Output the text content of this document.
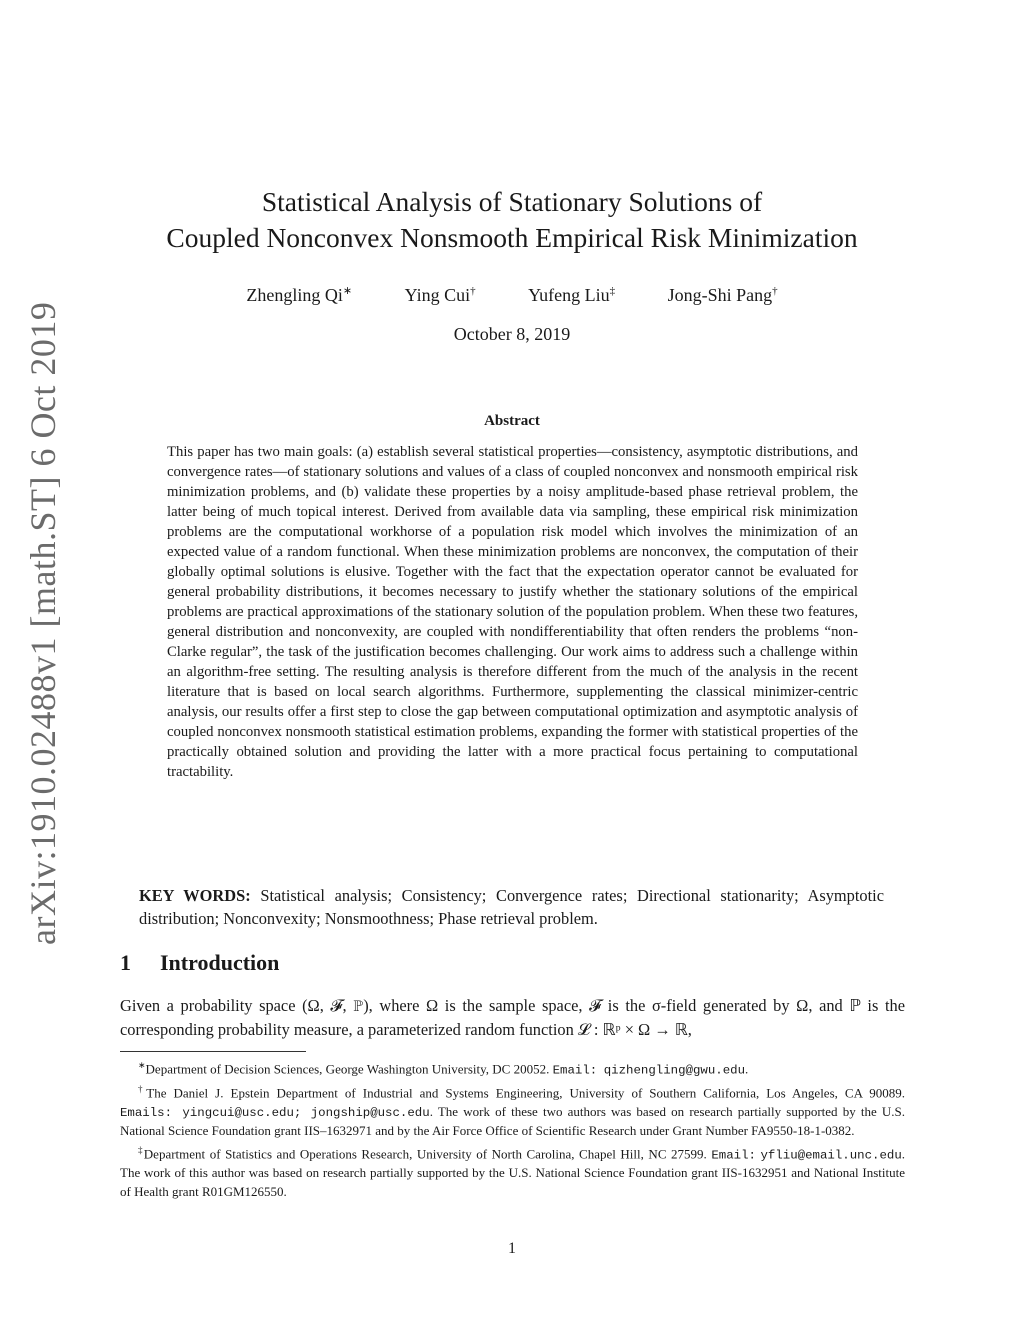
arXiv:1910.02488v1 [math.ST] 6 Oct 2019
Statistical Analysis of Stationary Solutions of
Coupled Nonconvex Nonsmooth Empirical Risk Minimization
Zhengling Qi∗	Ying Cui†	Yufeng Liu‡	Jong-Shi Pang†
October 8, 2019
Abstract

This paper has two main goals: (a) establish several statistical properties—consistency, asymptotic distributions, and convergence rates—of stationary solutions and values of a class of coupled nonconvex and nonsmooth empirical risk minimization problems, and (b) validate these properties by a noisy amplitude-based phase retrieval problem, the latter being of much topical interest. Derived from available data via sampling, these empirical risk minimization problems are the computational workhorse of a population risk model which involves the minimization of an expected value of a random functional. When these minimization problems are nonconvex, the computation of their globally optimal solutions is elusive. Together with the fact that the expectation operator cannot be evaluated for general probability distributions, it becomes necessary to justify whether the stationary solutions of the empirical problems are practical approximations of the stationary solution of the population problem. When these two features, general distribution and nonconvexity, are coupled with nondifferentiability that often renders the problems “non-Clarke regular”, the task of the justification becomes challenging. Our work aims to address such a challenge within an algorithm-free setting. The resulting analysis is therefore different from the much of the analysis in the recent literature that is based on local search algorithms. Furthermore, supplementing the classical minimizer-centric analysis, our results offer a first step to close the gap between computational optimization and asymptotic analysis of coupled nonconvex nonsmooth statistical estimation problems, expanding the former with statistical properties of the practically obtained solution and providing the latter with a more practical focus pertaining to computational tractability.

KEY WORDS: Statistical analysis; Consistency; Convergence rates; Directional stationarity; Asymptotic distribution; Nonconvexity; Nonsmoothness; Phase retrieval problem.

1 Introduction

Given a probability space (Ω, 𝓕, ℙ), where Ω is the sample space, 𝓕 is the σ-field generated by Ω, and ℙ is the corresponding probability measure, a parameterized random function 𝓛 : ℝᵖ × Ω → ℝ,

∗Department of Decision Sciences, George Washington University, DC 20052. Email: qizhengling@gwu.edu.

†The Daniel J. Epstein Department of Industrial and Systems Engineering, University of Southern California, Los Angeles, CA 90089. Emails: yingcui@usc.edu; jongship@usc.edu. The work of these two authors was based on research partially supported by the U.S. National Science Foundation grant IIS–1632971 and by the Air Force Office of Scientific Research under Grant Number FA9550-18-1-0382.

‡Department of Statistics and Operations Research, University of North Carolina, Chapel Hill, NC 27599. Email: yfliu@email.unc.edu. The work of this author was based on research partially supported by the U.S. National Science Foundation grant IIS-1632951 and National Institute of Health grant R01GM126550.

1
